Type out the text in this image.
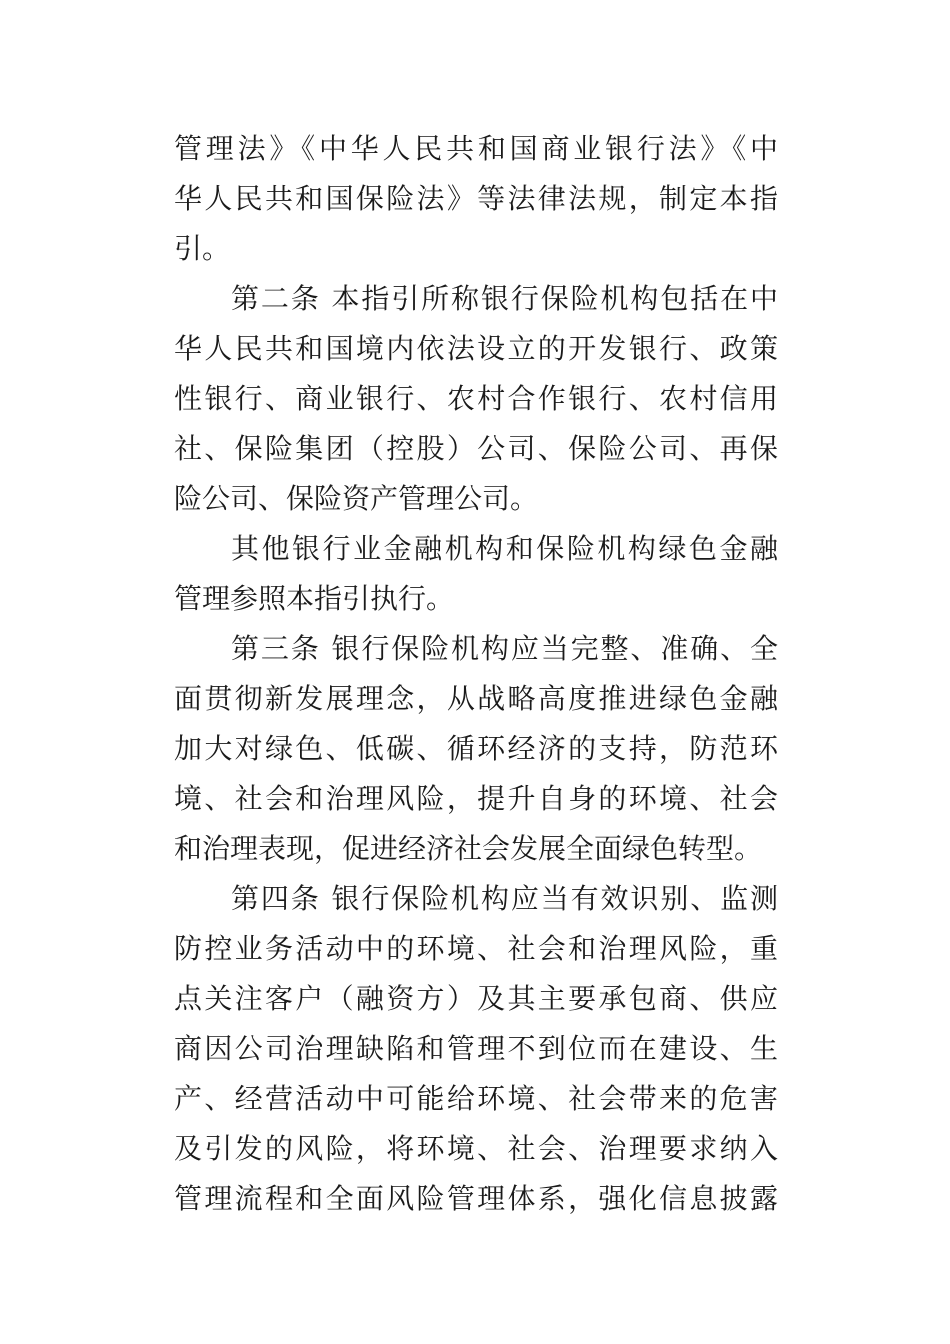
管理法》《中华人民共和国商业银行法》《中
华人民共和国保险法》等法律法规，制定本指
引。
第二条 本指引所称银行保险机构包括在中
华人民共和国境内依法设立的开发银行、政策
性银行、商业银行、农村合作银行、农村信用
社、保险集团（控股）公司、保险公司、再保
险公司、保险资产管理公司。
其他银行业金融机构和保险机构绿色金融
管理参照本指引执行。
第三条 银行保险机构应当完整、准确、全
面贯彻新发展理念，从战略高度推进绿色金融
加大对绿色、低碳、循环经济的支持，防范环
境、社会和治理风险，提升自身的环境、社会
和治理表现，促进经济社会发展全面绿色转型。
第四条 银行保险机构应当有效识别、监测
防控业务活动中的环境、社会和治理风险，重
点关注客户（融资方）及其主要承包商、供应
商因公司治理缺陷和管理不到位而在建设、生
产、经营活动中可能给环境、社会带来的危害
及引发的风险，将环境、社会、治理要求纳入
管理流程和全面风险管理体系，强化信息披露
